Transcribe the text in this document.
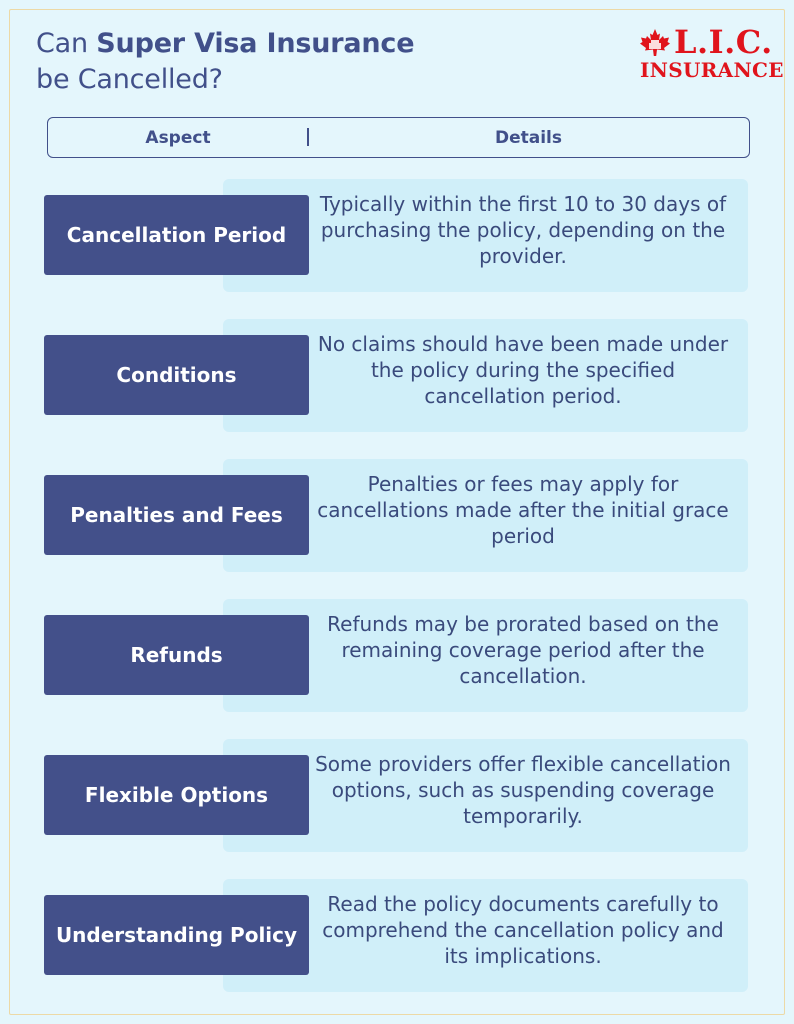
Can Super Visa Insurance
be Cancelled?
L.I.C.
INSURANCE
Aspect	Details
Cancellation Period
Typically within the first 10 to 30 days of purchasing the policy, depending on the provider.
Conditions
No claims should have been made under the policy during the specified cancellation period.
Penalties and Fees
Penalties or fees may apply for cancellations made after the initial grace period
Refunds
Refunds may be prorated based on the remaining coverage period after the cancellation.
Flexible Options
Some providers offer flexible cancellation options, such as suspending coverage temporarily.
Understanding Policy
Read the policy documents carefully to comprehend the cancellation policy and its implications.
